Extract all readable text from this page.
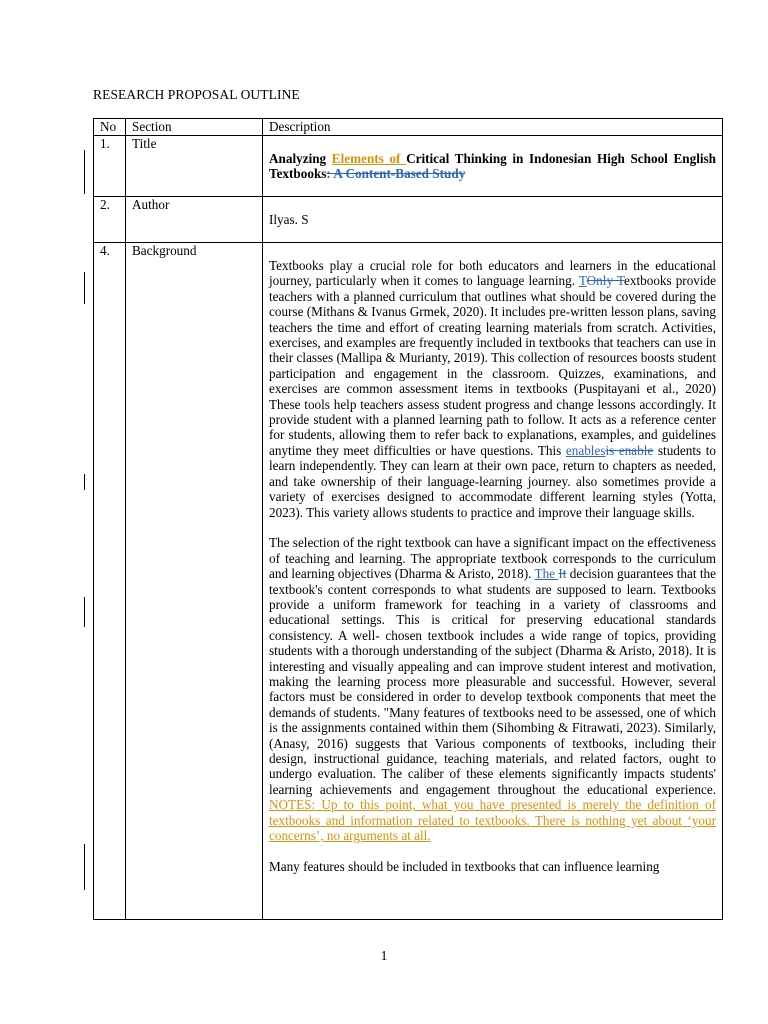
RESEARCH PROPOSAL OUTLINE
No	Section	Description
1.	Title	Analyzing Elements of Critical Thinking in Indonesian High School English Textbooks: A Content-Based Study

2.	Author	Ilyas. S

4.	Background	Textbooks play a crucial role for both educators and learners in the educational journey, particularly when it comes to language learning. TOnly Textbooks provide teachers with a planned curriculum that outlines what should be covered during the course (Mithans & Ivanus Grmek, 2020). It includes pre-written lesson plans, saving teachers the time and effort of creating learning materials from scratch. Activities, exercises, and examples are frequently included in textbooks that teachers can use in their classes (Mallipa & Murianty, 2019). This collection of resources boosts student participation and engagement in the classroom. Quizzes, examinations, and exercises are common assessment items in textbooks (Puspitayani et al., 2020) These tools help teachers assess student progress and change lessons accordingly. It provide student with a planned learning path to follow. It acts as a reference center for students, allowing them to refer back to explanations, examples, and guidelines anytime they meet difficulties or have questions. This enablesis enable students to learn independently. They can learn at their own pace, return to chapters as needed, and take ownership of their language-learning journey. also sometimes provide a variety of exercises designed to accommodate different learning styles (Yotta, 2023). This variety allows students to practice and improve their language skills.

The selection of the right textbook can have a significant impact on the effectiveness of teaching and learning. The appropriate textbook corresponds to the curriculum and learning objectives (Dharma & Aristo, 2018). The It decision guarantees that the textbook's content corresponds to what students are supposed to learn. Textbooks provide a uniform framework for teaching in a variety of classrooms and educational settings. This is critical for preserving educational standards consistency. A well- chosen textbook includes a wide range of topics, providing students with a thorough understanding of the subject (Dharma & Aristo, 2018). It is interesting and visually appealing and can improve student interest and motivation, making the learning process more pleasurable and successful. However, several factors must be considered in order to develop textbook components that meet the demands of students. "Many features of textbooks need to be assessed, one of which is the assignments contained within them (Sihombing & Fitrawati, 2023). Similarly, (Anasy, 2016) suggests that Various components of textbooks, including their design, instructional guidance, teaching materials, and related factors, ought to undergo evaluation. The caliber of these elements significantly impacts students' learning achievements and engagement throughout the educational experience. NOTES: Up to this point, what you have presented is merely the definition of textbooks and information related to textbooks. There is nothing yet about ‘your concerns’, no arguments at all.

Many features should be included in textbooks that can influence learning

1
